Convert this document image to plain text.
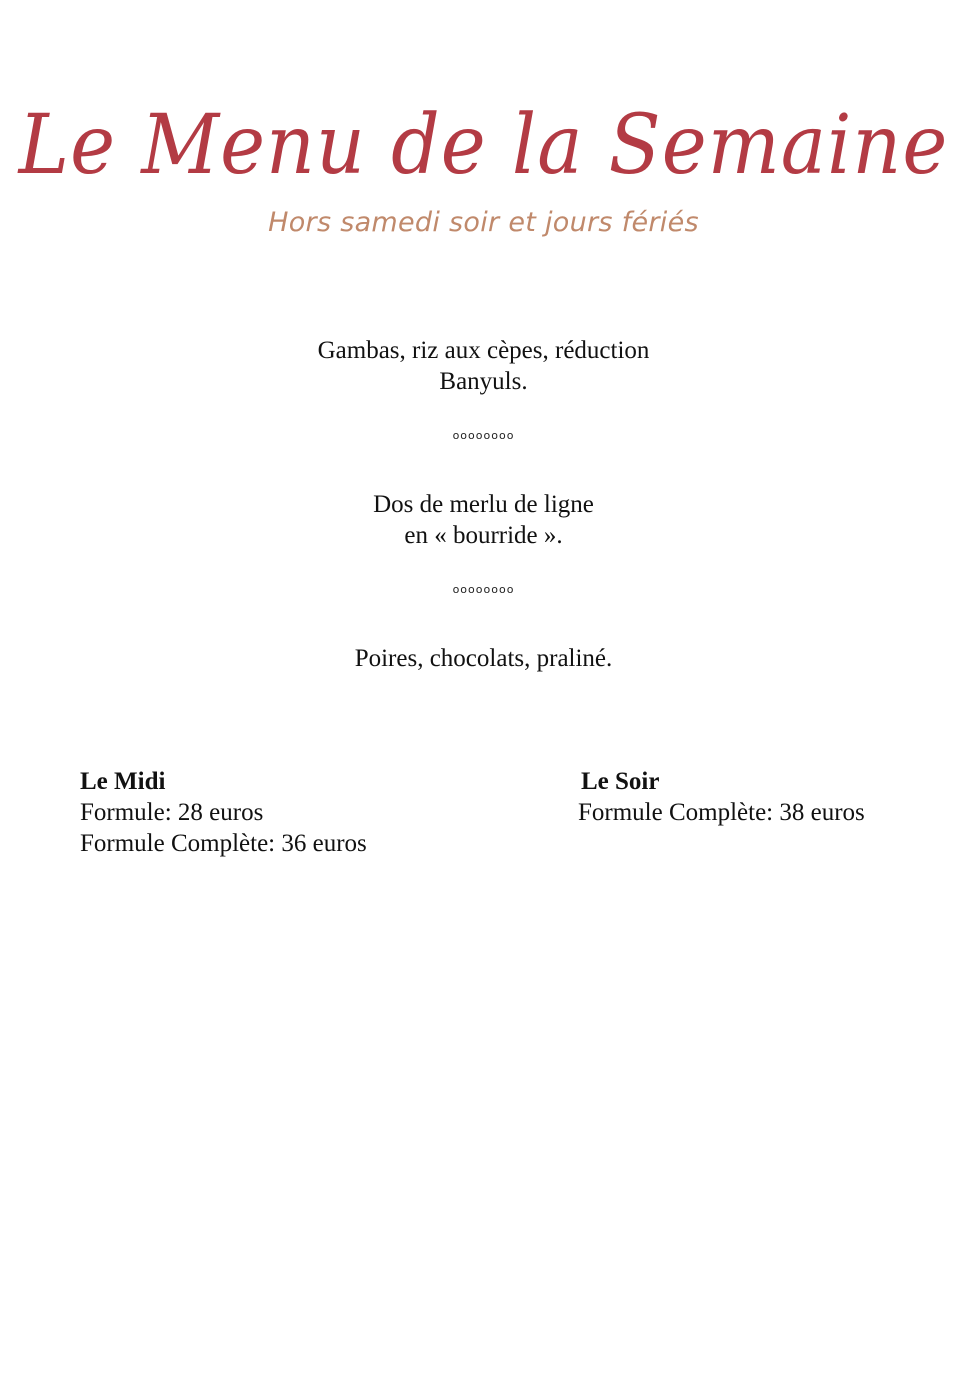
Le Menu de la Semaine
Hors samedi soir et jours fériés
Gambas, riz aux cèpes, réduction
Banyuls.
oooooooo
Dos de merlu de ligne
en « bourride ».
oooooooo
Poires, chocolats, praliné.
Le Midi
Formule: 28 euros
Formule Complète: 36 euros
Le Soir
Formule Complète: 38 euros
